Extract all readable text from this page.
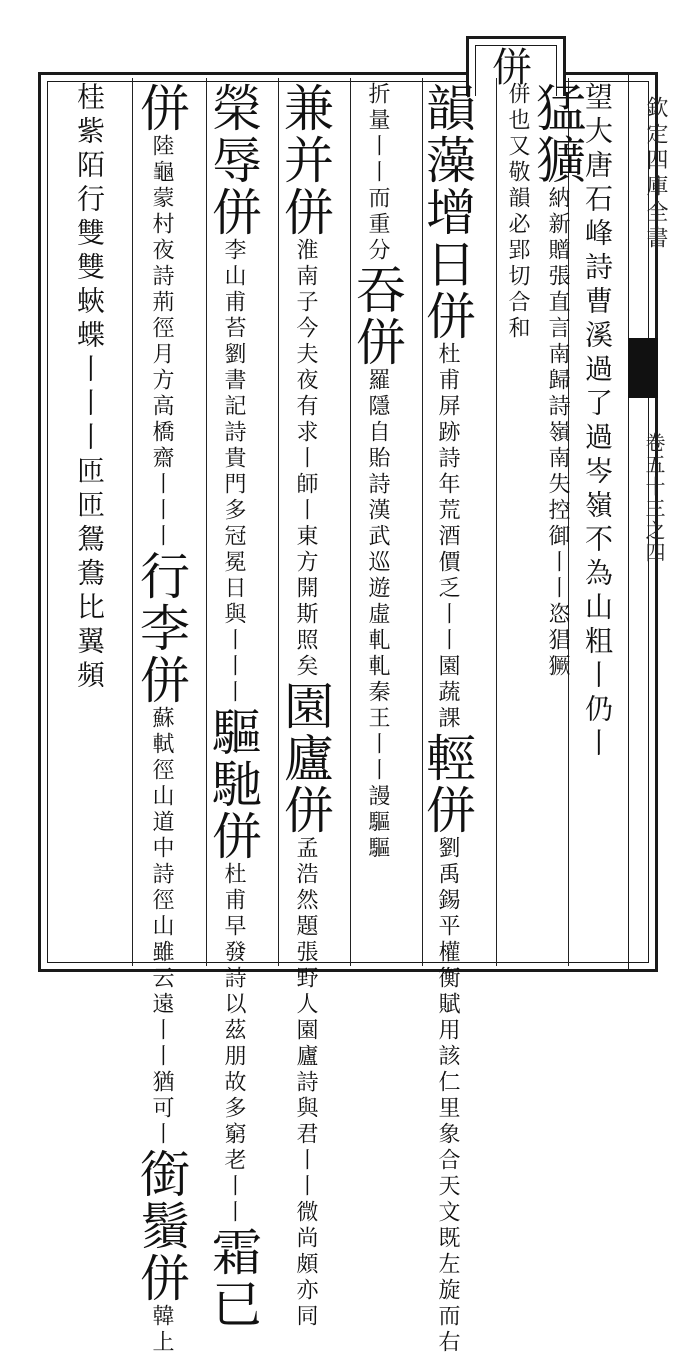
併
欽定四庫全書
卷五十三之四
望大唐石峰詩曹溪過了過岑嶺不為山粗丨仍丨
猛獷納新贈張直言南歸詩嶺南失控御丨丨恣猖獗
併也又敬韻必郢切合和
韻藻增日併杜甫屏跡詩年荒酒價乏丨丨園蔬課輕併劉禹錫平權衡賦用該仁里象合天文既左旋而右
折量丨丨而重分吞併羅隱自貽詩漢武巡遊虛軋軋秦王丨丨謾驅驅
兼并併淮南子今夫夜有求丨師丨東方開斯照矣園廬併孟浩然題張野人園廬詩與君丨丨微尚頗亦同
榮辱併李山甫苔劉書記詩貴門多冠冕日與丨丨丨驅馳併杜甫早發詩以茲朋故多窮老丨丨霜已
併陸龜蒙村夜詩荊徑月方高橋齋丨丨丨行李併蘇軾徑山道中詩徑山雖云遠丨丨猶可丨銜鬚併韓上
桂紫陌行雙雙蛺蝶丨丨丨匝匝鴛鴦比翼頻
